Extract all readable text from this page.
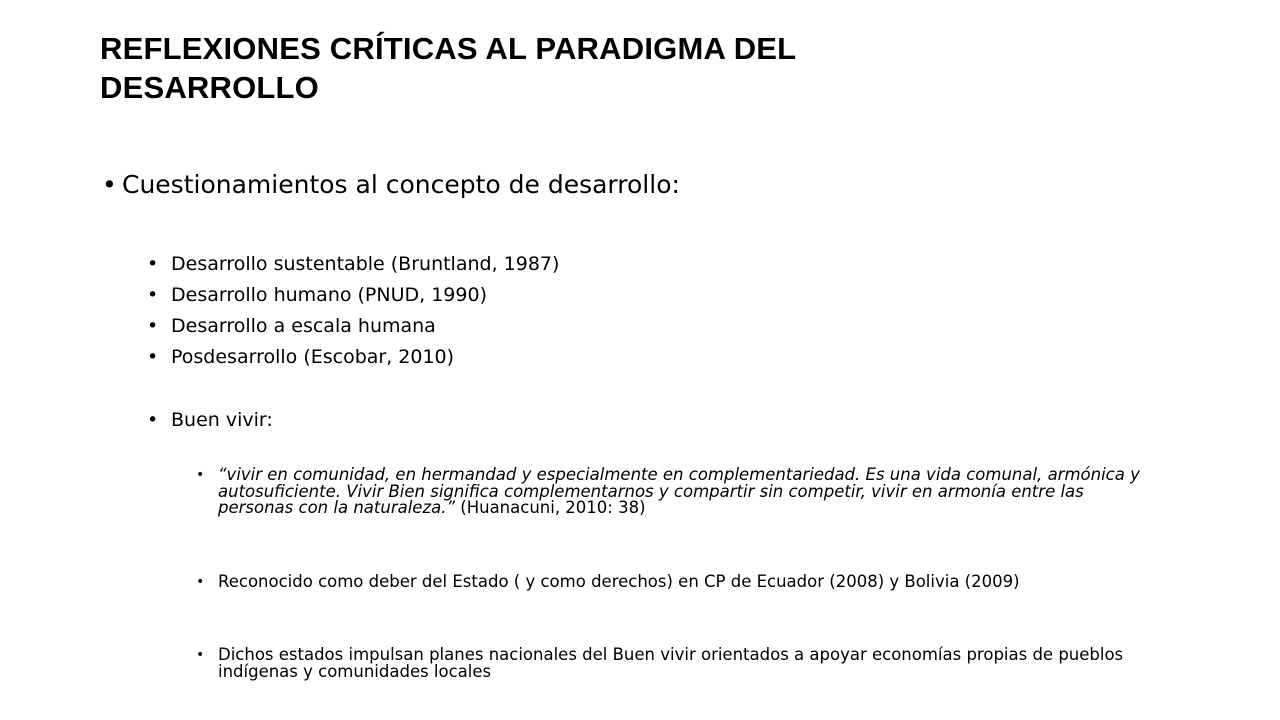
REFLEXIONES CRÍTICAS AL PARADIGMA DEL
DESARROLLO
• Cuestionamientos al concepto de desarrollo:
• Desarrollo sustentable (Bruntland, 1987)
• Desarrollo humano (PNUD, 1990)
• Desarrollo a escala humana
• Posdesarrollo (Escobar, 2010)
• Buen vivir:
• “vivir en comunidad, en hermandad y especialmente en complementariedad. Es una vida comunal, armónica y autosuficiente. Vivir Bien significa complementarnos y compartir sin competir, vivir en armonía entre las personas con la naturaleza.” (Huanacuni, 2010: 38)
• Reconocido como deber del Estado ( y como derechos) en CP de Ecuador (2008) y Bolivia (2009)
• Dichos estados impulsan planes nacionales del Buen vivir orientados a apoyar economías propias de pueblos indígenas y comunidades locales
